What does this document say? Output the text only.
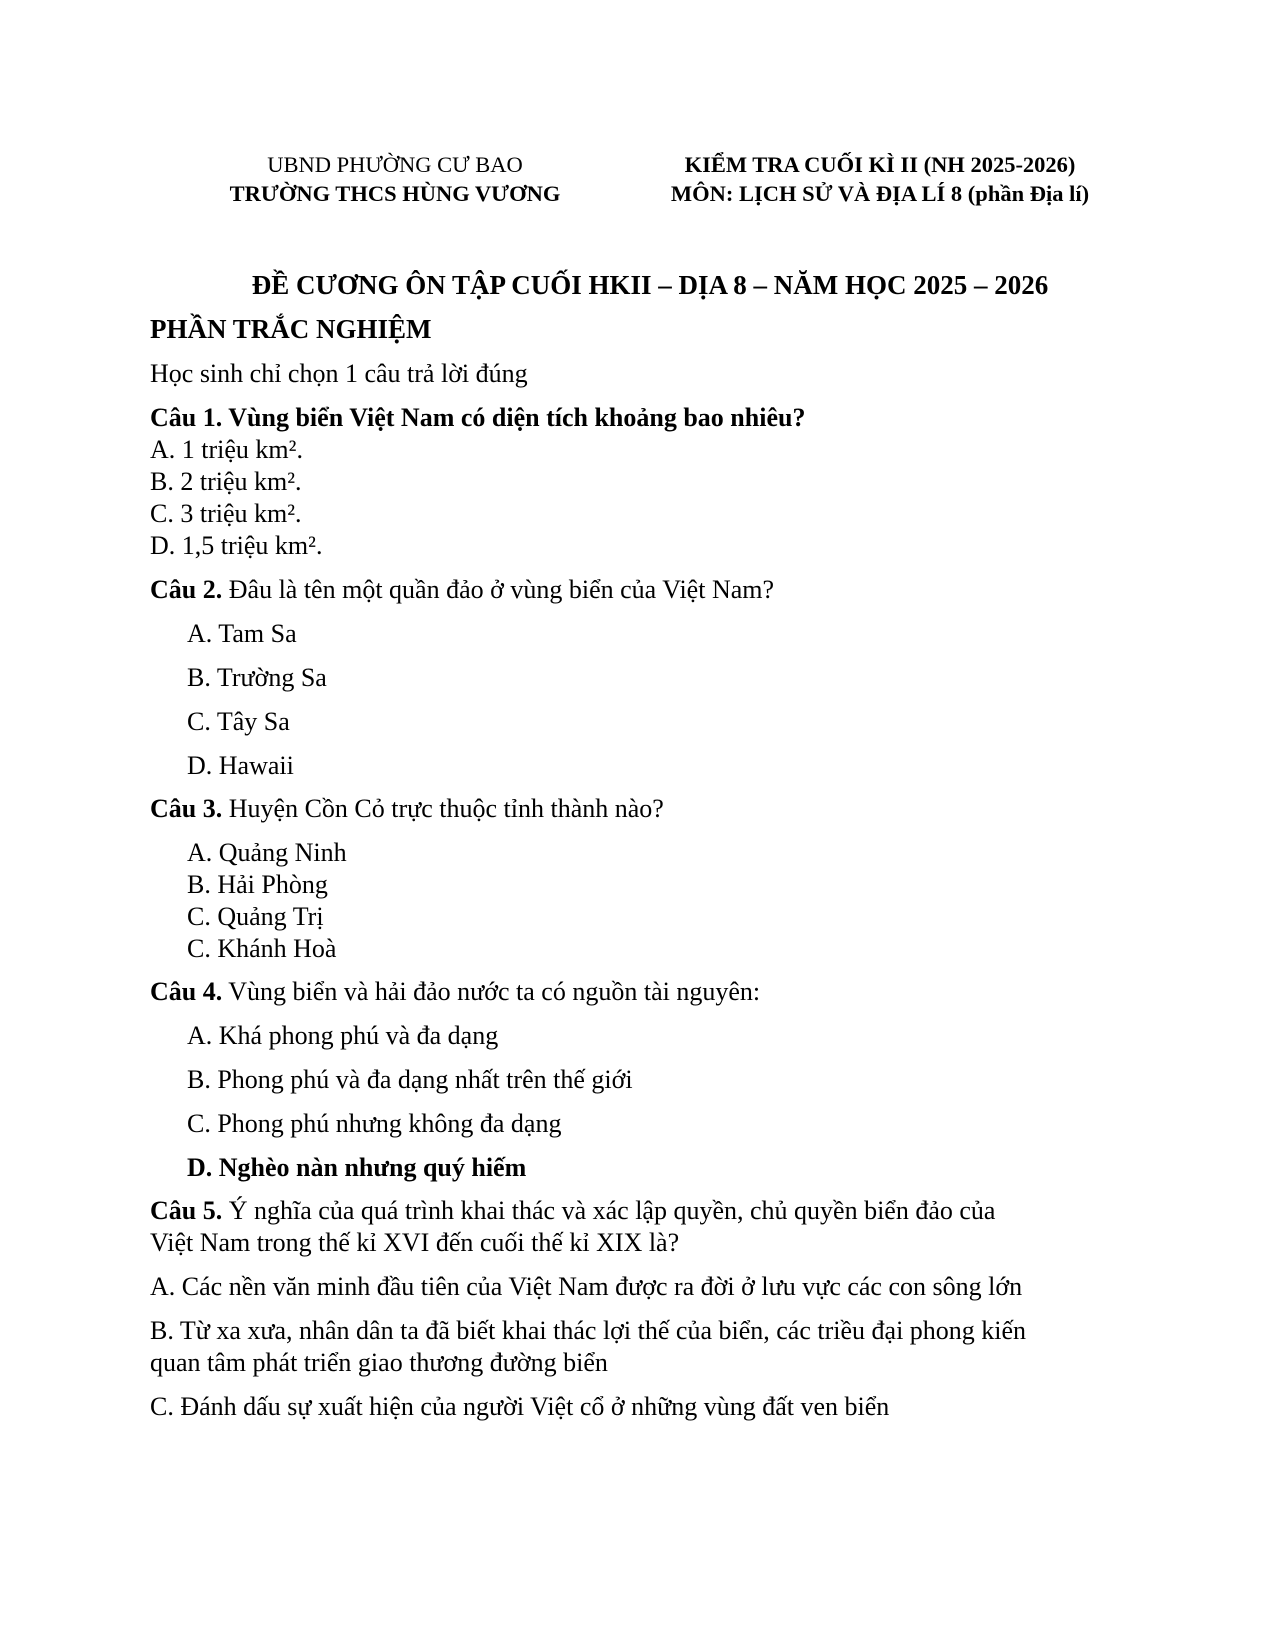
UBND PHƯỜNG CƯ BAO
TRƯỜNG THCS HÙNG VƯƠNG
KIỂM TRA CUỐI KÌ II (NH 2025-2026)
MÔN: LỊCH SỬ VÀ ĐỊA LÍ 8 (phần Địa lí)
ĐỀ CƯƠNG ÔN TẬP CUỐI HKII – DỊA 8 – NĂM HỌC 2025 – 2026
PHẦN TRẮC NGHIỆM
Học sinh chỉ chọn 1 câu trả lời đúng
Câu 1. Vùng biển Việt Nam có diện tích khoảng bao nhiêu?
A. 1 triệu km².
B. 2 triệu km².
C. 3 triệu km².
D. 1,5 triệu km².
Câu 2. Đâu là tên một quần đảo ở vùng biển của Việt Nam?
A. Tam Sa
B. Trường Sa
C. Tây Sa
D. Hawaii
Câu 3. Huyện Cồn Cỏ trực thuộc tỉnh thành nào?
A. Quảng Ninh
B. Hải Phòng
C. Quảng Trị
C. Khánh Hoà
Câu 4. Vùng biển và hải đảo nước ta có nguồn tài nguyên:
A. Khá phong phú và đa dạng
B. Phong phú và đa dạng nhất trên thế giới
C. Phong phú nhưng không đa dạng
D. Nghèo nàn nhưng quý hiếm
Câu 5. Ý nghĩa của quá trình khai thác và xác lập quyền, chủ quyền biển đảo của
Việt Nam trong thế kỉ XVI đến cuối thế kỉ XIX là?
A. Các nền văn minh đầu tiên của Việt Nam được ra đời ở lưu vực các con sông lớn
B. Từ xa xưa, nhân dân ta đã biết khai thác lợi thế của biển, các triều đại phong kiến
quan tâm phát triển giao thương đường biển
C. Đánh dấu sự xuất hiện của người Việt cổ ở những vùng đất ven biển
